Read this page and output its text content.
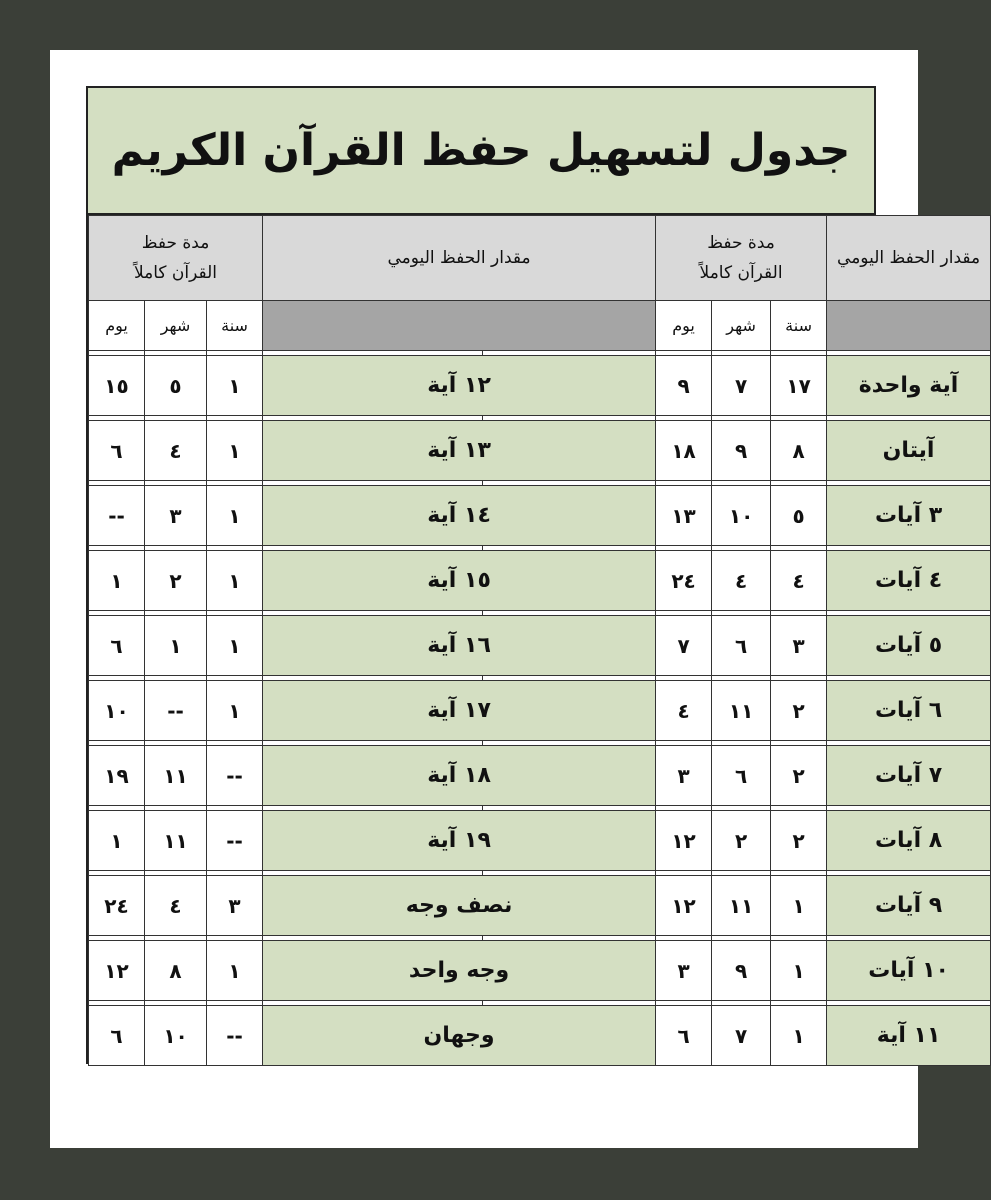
جدول لتسهيل حفظ القرآن الكريم
مقدار الحفظ اليومي	مدة حفظ
القرآن كاملاً			مقدار الحفظ اليومي		مدة حفظ
القرآن كاملاً		

	سنة	شهر	يوم			سنة	شهر	يوم

آية واحدة	١٧	٧	٩	١٢ آية		١	٥	١٥

آيتان	٨	٩	١٨	١٣ آية		١	٤	٦

٣ آيات	٥	١٠	١٣	١٤ آية		١	٣	--

٤ آيات	٤	٤	٢٤	١٥ آية		١	٢	١

٥ آيات	٣	٦	٧	١٦ آية		١	١	٦

٦ آيات	٢	١١	٤	١٧ آية		١	--	١٠

٧ آيات	٢	٦	٣	١٨ آية		--	١١	١٩

٨ آيات	٢	٢	١٢	١٩ آية		--	١١	١

٩ آيات	١	١١	١٢	نصف وجه		٣	٤	٢٤

١٠ آيات	١	٩	٣	وجه واحد		١	٨	١٢

١١ آية	١	٧	٦	وجهان		--	١٠	٦
